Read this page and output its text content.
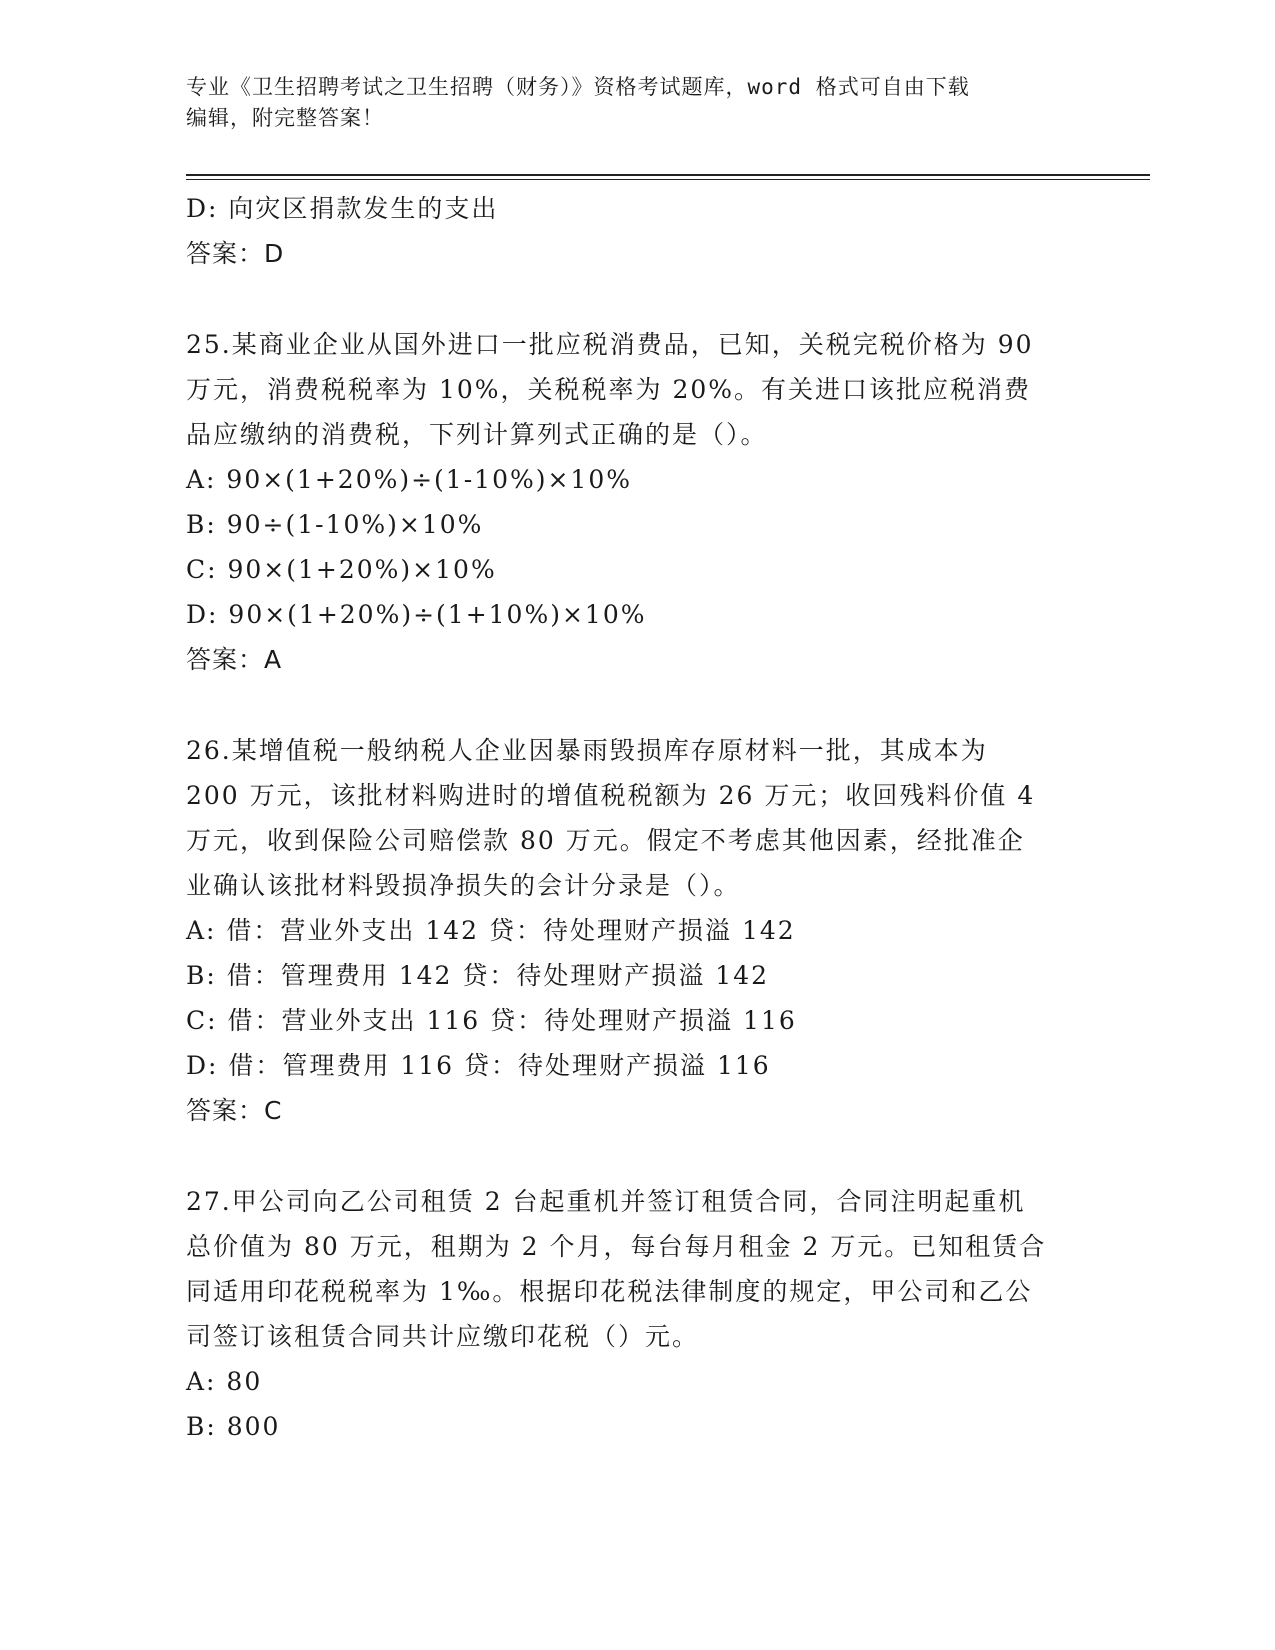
专业《卫生招聘考试之卫生招聘（财务）》资格考试题库，word 格式可自由下载
编辑，附完整答案！

D: 向灾区捐款发生的支出

答案：D

25.某商业企业从国外进口一批应税消费品，已知，关税完税价格为 90

万元，消费税税率为 10%，关税税率为 20%。有关进口该批应税消费

品应缴纳的消费税，下列计算列式正确的是（）。

A: 90×(1+20%)÷(1-10%)×10%

B: 90÷(1-10%)×10%

C: 90×(1+20%)×10%

D: 90×(1+20%)÷(1+10%)×10%

答案：A

26.某增值税一般纳税人企业因暴雨毁损库存原材料一批，其成本为

200 万元，该批材料购进时的增值税税额为 26 万元；收回残料价值 4

万元，收到保险公司赔偿款 80 万元。假定不考虑其他因素，经批准企

业确认该批材料毁损净损失的会计分录是（）。

A: 借：营业外支出 142 贷：待处理财产损溢 142

B: 借：管理费用 142 贷：待处理财产损溢 142

C: 借：营业外支出 116 贷：待处理财产损溢 116

D: 借：管理费用 116 贷：待处理财产损溢 116

答案：C

27.甲公司向乙公司租赁 2 台起重机并签订租赁合同，合同注明起重机

总价值为 80 万元，租期为 2 个月，每台每月租金 2 万元。已知租赁合

同适用印花税税率为 1‰。根据印花税法律制度的规定，甲公司和乙公

司签订该租赁合同共计应缴印花税（）元。

A: 80

B: 800
